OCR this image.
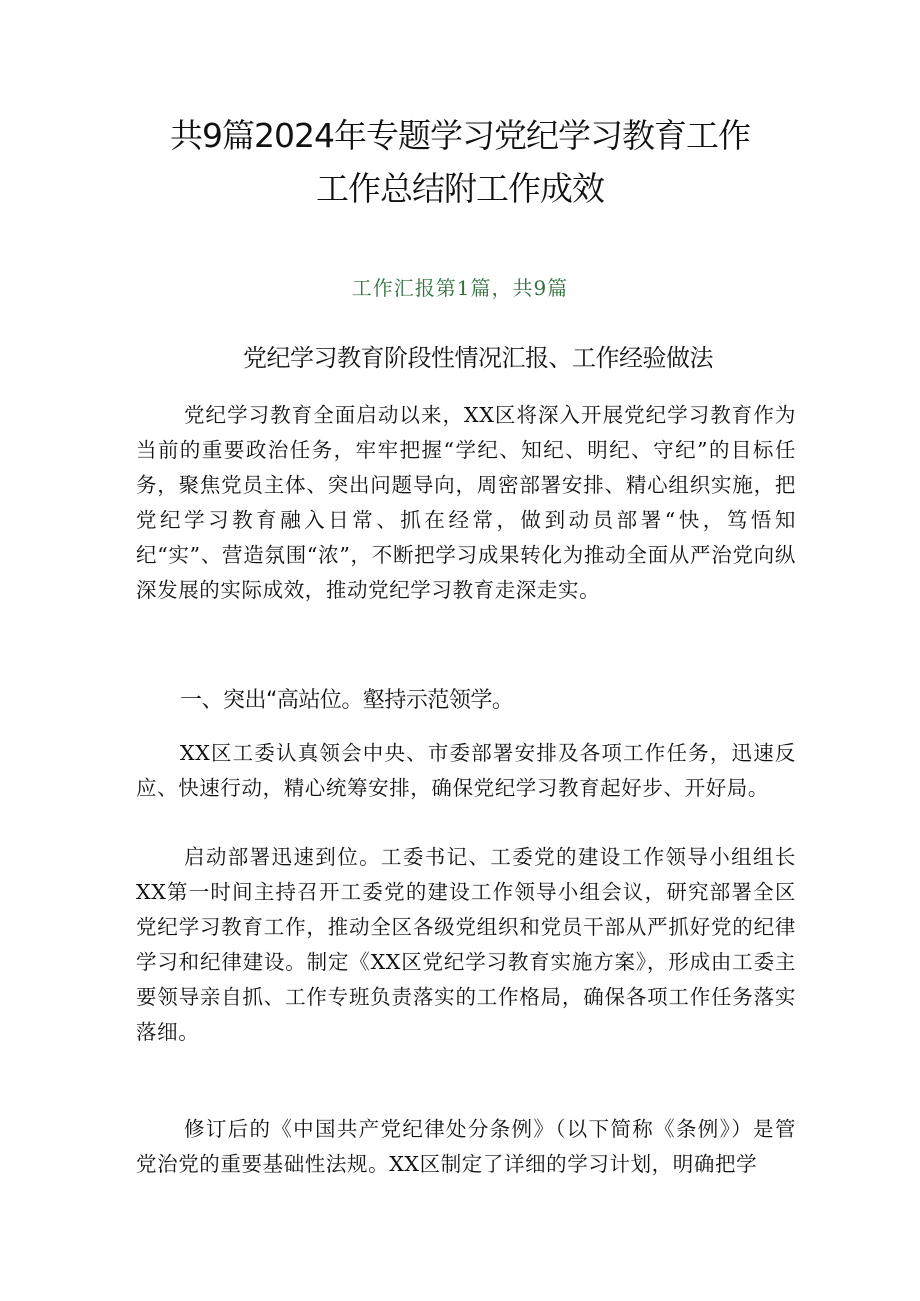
共9篇2024年专题学习党纪学习教育工作
工作总结附工作成效
工作汇报第1篇，共9篇
党纪学习教育阶段性情况汇报、工作经验做法

党纪学习教育全面启动以来，XX区将深入开展党纪学习教育作为当前的重要政治任务，牢牢把握“学纪、知纪、明纪、守纪”的目标任务，聚焦党员主体、突出问题导向，周密部署安排、精心组织实施，把党纪学习教育融入日常、抓在经常，做到动员部署“快，笃悟知纪“实”、营造氛围“浓”，不断把学习成果转化为推动全面从严治党向纵深发展的实际成效，推动党纪学习教育走深走实。

一、突出“高站位。壑持示范领学。

XX区工委认真领会中央、市委部署安排及各项工作任务，迅速反应、快速行动，精心统筹安排，确保党纪学习教育起好步、开好局。

启动部署迅速到位。工委书记、工委党的建设工作领导小组组长XX第一时间主持召开工委党的建设工作领导小组会议，研究部署全区党纪学习教育工作，推动全区各级党组织和党员干部从严抓好党的纪律学习和纪律建设。制定《XX区党纪学习教育实施方案》，形成由工委主要领导亲自抓、工作专班负责落实的工作格局，确保各项工作任务落实落细。

修订后的《中国共产党纪律处分条例》（以下简称《条例》）是管党治党的重要基础性法规。XX区制定了详细的学习计划，明确把学
